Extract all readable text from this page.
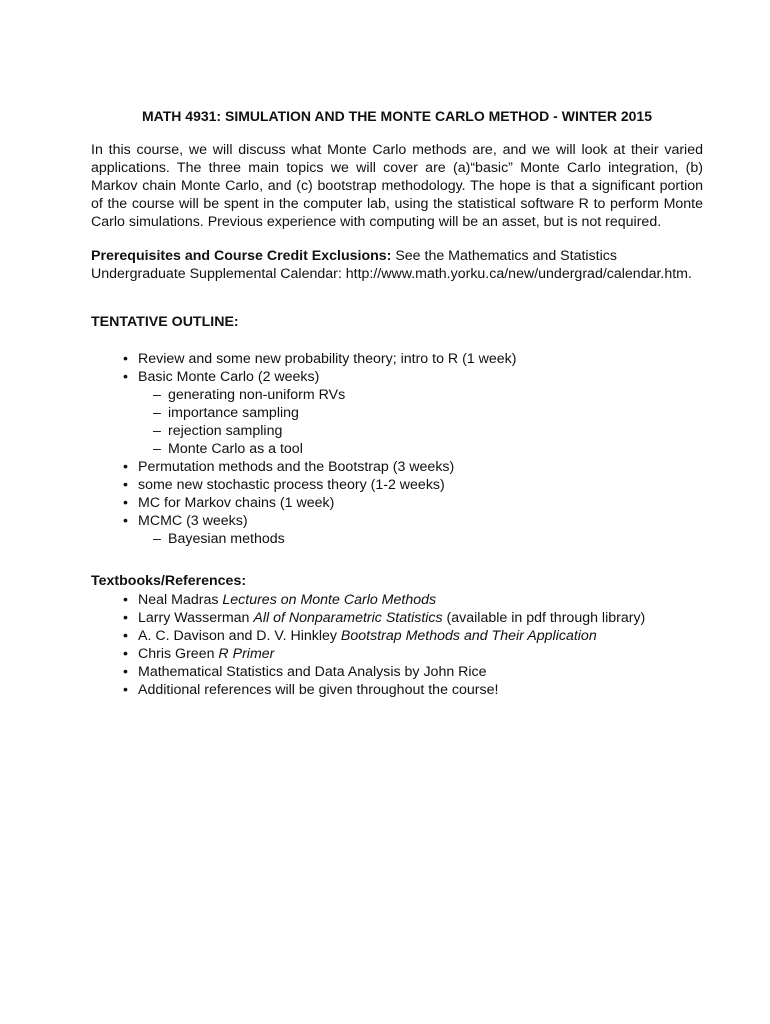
MATH 4931: SIMULATION AND THE MONTE CARLO METHOD - WINTER 2015

In this course, we will discuss what Monte Carlo methods are, and we will look at their varied applications. The three main topics we will cover are (a)“basic” Monte Carlo integration, (b) Markov chain Monte Carlo, and (c) bootstrap methodology. The hope is that a significant portion of the course will be spent in the computer lab, using the statistical software R to perform Monte Carlo simulations. Previous experience with computing will be an asset, but is not required.

Prerequisites and Course Credit Exclusions: See the Mathematics and Statistics Undergraduate Supplemental Calendar: http://www.math.yorku.ca/new/undergrad/calendar.htm.

TENTATIVE OUTLINE:
• Review and some new probability theory; intro to R (1 week)
• Basic Monte Carlo (2 weeks)
– generating non-uniform RVs
– importance sampling
– rejection sampling
– Monte Carlo as a tool
• Permutation methods and the Bootstrap (3 weeks)
• some new stochastic process theory (1-2 weeks)
• MC for Markov chains (1 week)
• MCMC (3 weeks)
– Bayesian methods
Textbooks/References:
• Neal Madras Lectures on Monte Carlo Methods
• Larry Wasserman All of Nonparametric Statistics (available in pdf through library)
• A. C. Davison and D. V. Hinkley Bootstrap Methods and Their Application
• Chris Green R Primer
• Mathematical Statistics and Data Analysis by John Rice
• Additional references will be given throughout the course!
